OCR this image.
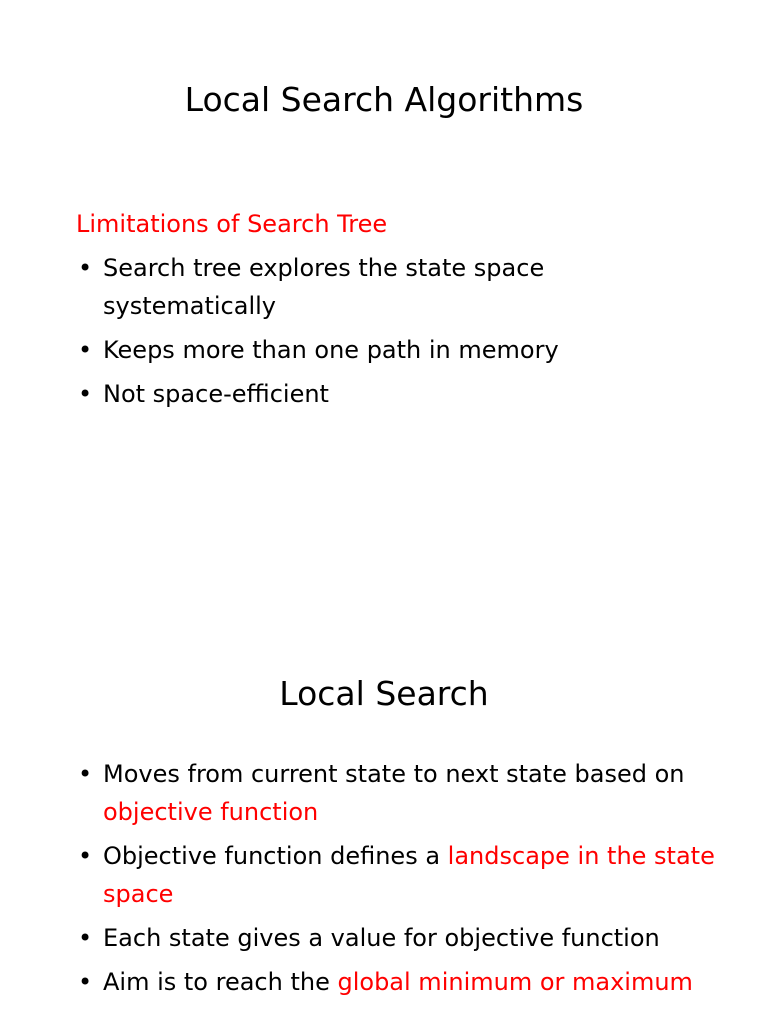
Local Search Algorithms
Limitations of Search Tree
• Search tree explores the state space systematically
• Keeps more than one path in memory
• Not space-efficient
Local Search
• Moves from current state to next state based on objective function
• Objective function defines a landscape in the state space
• Each state gives a value for objective function
• Aim is to reach the global minimum or maximum
